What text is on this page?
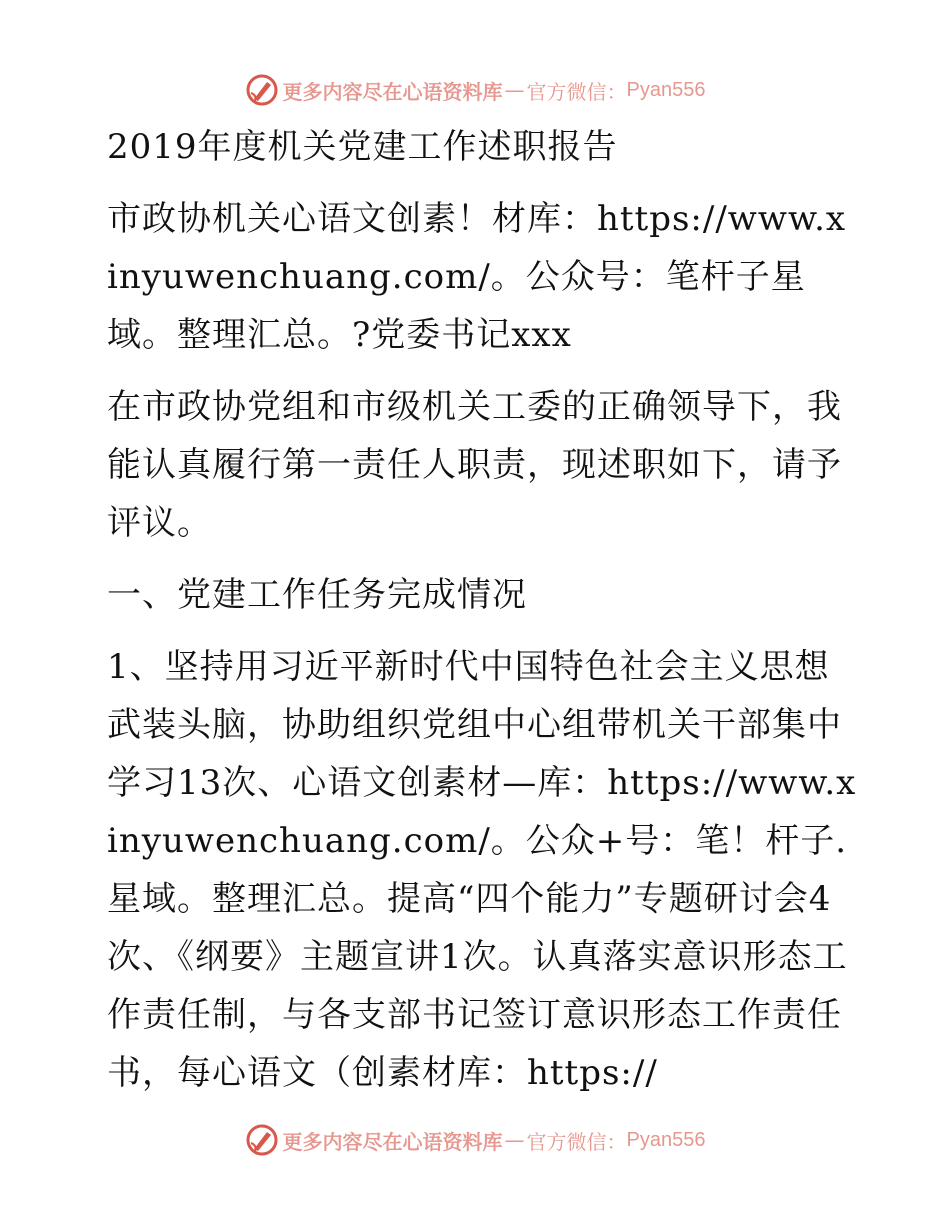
更多内容尽在心语资料库 — 官方微信： Pyan556

2019年度机关党建工作述职报告

市政协机关心语文创素！材库：https://www.xinyuwenchuang.com/。公众号：笔杆子星域。整理汇总。?党委书记xxx

在市政协党组和市级机关工委的正确领导下，我能认真履行第一责任人职责，现述职如下，请予评议。

一、党建工作任务完成情况

1、坚持用习近平新时代中国特色社会主义思想武装头脑，协助组织党组中心组带机关干部集中学习13次、心语文创素材—库：https://www.xinyuwenchuang.com/。公众+号：笔！杆子.星域。整理汇总。提高“四个能力”专题研讨会4次、《纲要》主题宣讲1次。认真落实意识形态工作责任制，与各支部书记签订意识形态工作责任书，每心语文（创素材库：https://

更多内容尽在心语资料库 — 官方微信： Pyan556
